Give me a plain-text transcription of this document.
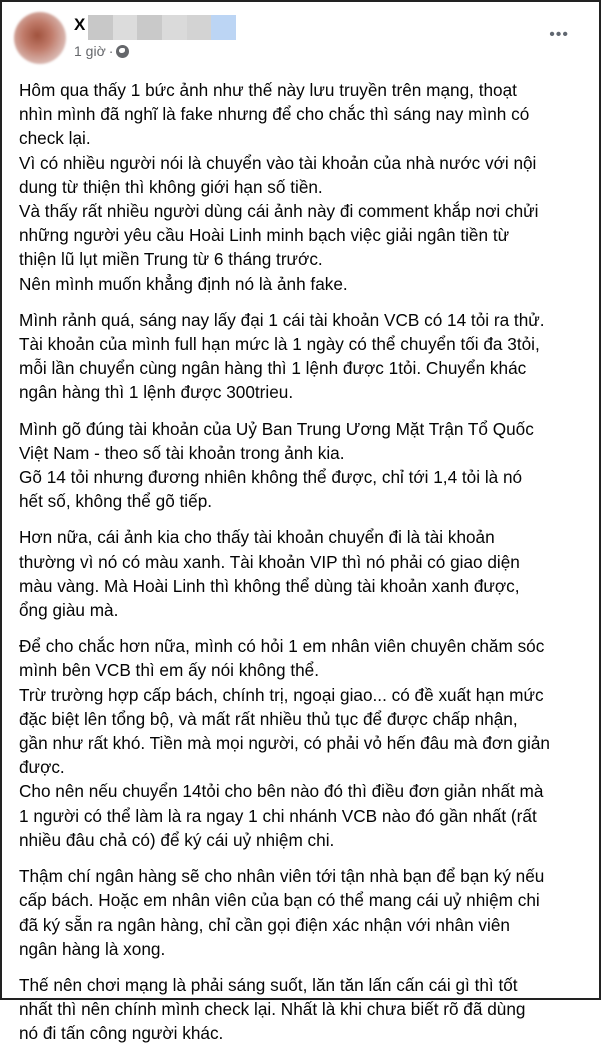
X
1 giờ ·
•••
Hôm qua thấy 1 bức ảnh như thế này lưu truyền trên mạng, thoạt
nhìn mình đã nghĩ là fake nhưng để cho chắc thì sáng nay mình có
check lại.
Vì có nhiều người nói là chuyển vào tài khoản của nhà nước với nội
dung từ thiện thì không giới hạn số tiền.
Và thấy rất nhiều người dùng cái ảnh này đi comment khắp nơi chửi
những người yêu cầu Hoài Linh minh bạch việc giải ngân tiền từ
thiện lũ lụt miền Trung từ 6 tháng trước.
Nên mình muốn khẳng định nó là ảnh fake.
Mình rảnh quá, sáng nay lấy đại 1 cái tài khoản VCB có 14 tỏi ra thử.
Tài khoản của mình full hạn mức là 1 ngày có thể chuyển tối đa 3tỏi,
mỗi lần chuyển cùng ngân hàng thì 1 lệnh được 1tỏi. Chuyển khác
ngân hàng thì 1 lệnh được 300trieu.
Mình gõ đúng tài khoản của Uỷ Ban Trung Ương Mặt Trận Tổ Quốc
Việt Nam - theo số tài khoản trong ảnh kia.
Gõ 14 tỏi nhưng đương nhiên không thể được, chỉ tới 1,4 tỏi là nó
hết số, không thể gõ tiếp.
Hơn nữa, cái ảnh kia cho thấy tài khoản chuyển đi là tài khoản
thường vì nó có màu xanh. Tài khoản VIP thì nó phải có giao diện
màu vàng. Mà Hoài Linh thì không thể dùng tài khoản xanh được,
ổng giàu mà.
Để cho chắc hơn nữa, mình có hỏi 1 em nhân viên chuyên chăm sóc
mình bên VCB thì em ấy nói không thể.
Trừ trường hợp cấp bách, chính trị, ngoại giao... có đề xuất hạn mức
đặc biệt lên tổng bộ, và mất rất nhiều thủ tục để được chấp nhận,
gần như rất khó. Tiền mà mọi người, có phải vỏ hến đâu mà đơn giản
được.
Cho nên nếu chuyển 14tỏi cho bên nào đó thì điều đơn giản nhất mà
1 người có thể làm là ra ngay 1 chi nhánh VCB nào đó gần nhất (rất
nhiều đâu chả có) để ký cái uỷ nhiệm chi.
Thậm chí ngân hàng sẽ cho nhân viên tới tận nhà bạn để bạn ký nếu
cấp bách. Hoặc em nhân viên của bạn có thể mang cái uỷ nhiệm chi
đã ký sẵn ra ngân hàng, chỉ cần gọi điện xác nhận với nhân viên
ngân hàng là xong.
Thế nên chơi mạng là phải sáng suốt, lăn tăn lấn cấn cái gì thì tốt
nhất thì nên chính mình check lại. Nhất là khi chưa biết rõ đã dùng
nó đi tấn công người khác.
